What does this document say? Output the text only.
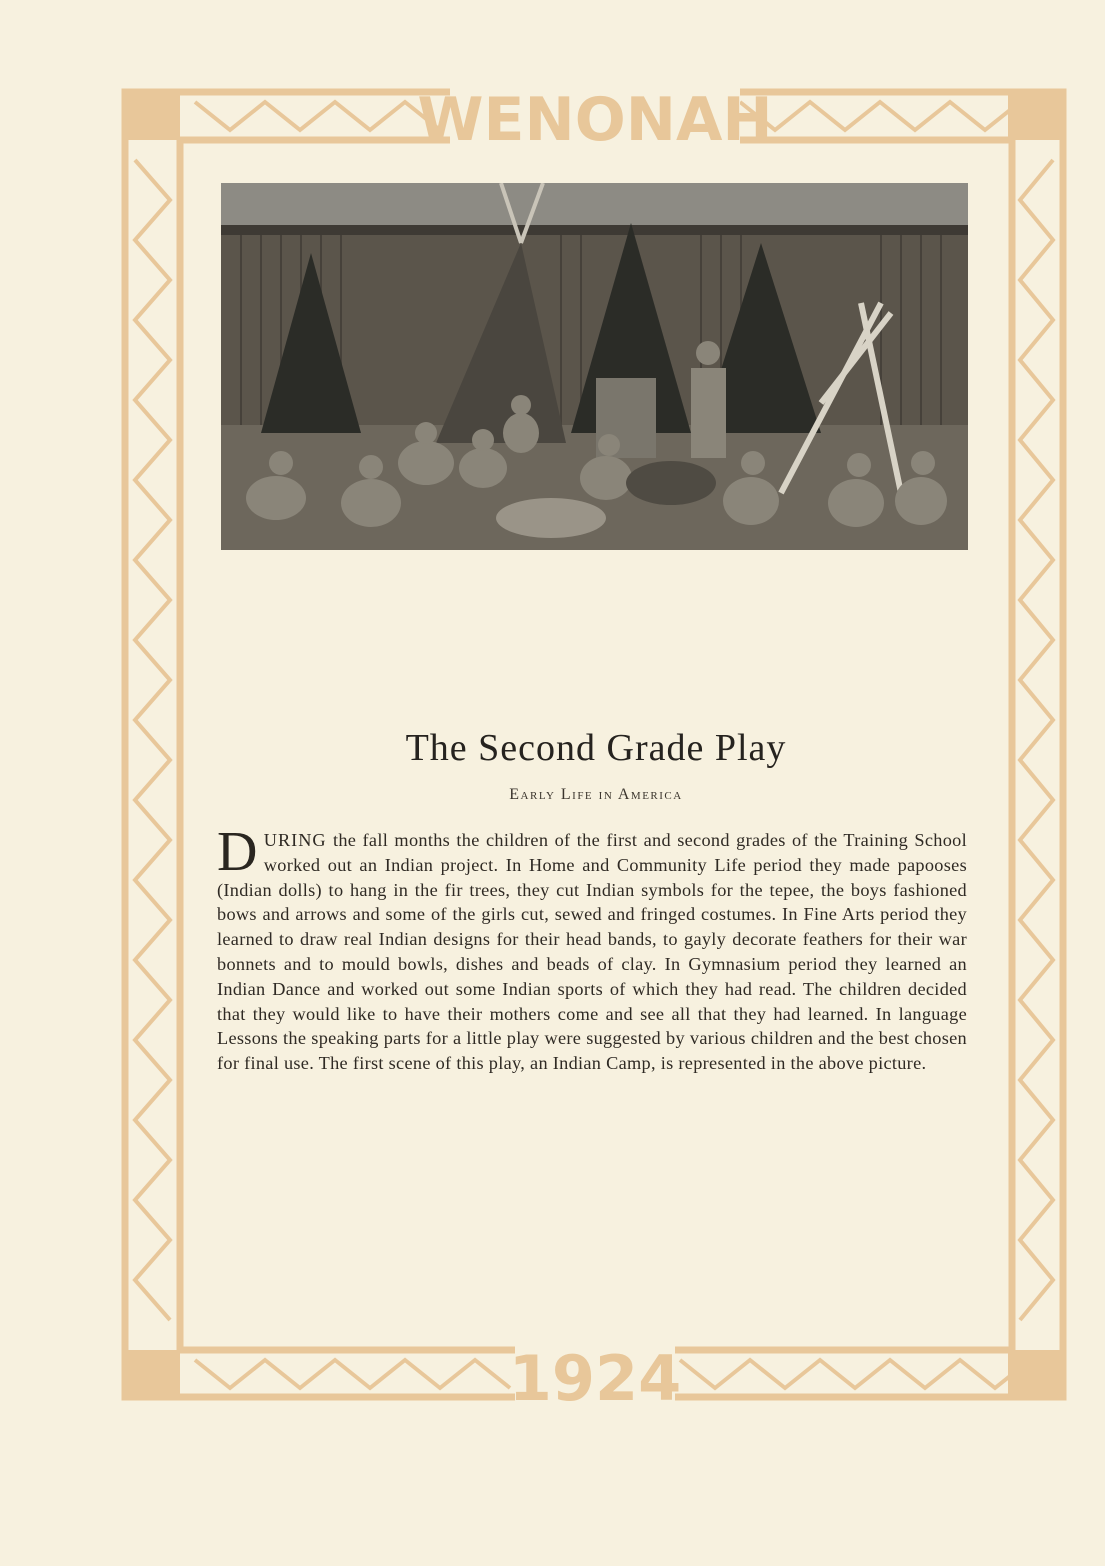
WENONAH
1924
The Second Grade Play
Early Life in America
DURING the fall months the children of the first and second grades of the Training School worked out an Indian project. In Home and Community Life period they made papooses (Indian dolls) to hang in the fir trees, they cut Indian symbols for the tepee, the boys fashioned bows and arrows and some of the girls cut, sewed and fringed costumes. In Fine Arts period they learned to draw real Indian designs for their head bands, to gayly decorate feathers for their war bonnets and to mould bowls, dishes and beads of clay. In Gymnasium period they learned an Indian Dance and worked out some Indian sports of which they had read. The children decided that they would like to have their mothers come and see all that they had learned. In language Lessons the speaking parts for a little play were suggested by various children and the best chosen for final use. The first scene of this play, an Indian Camp, is represented in the above picture.
